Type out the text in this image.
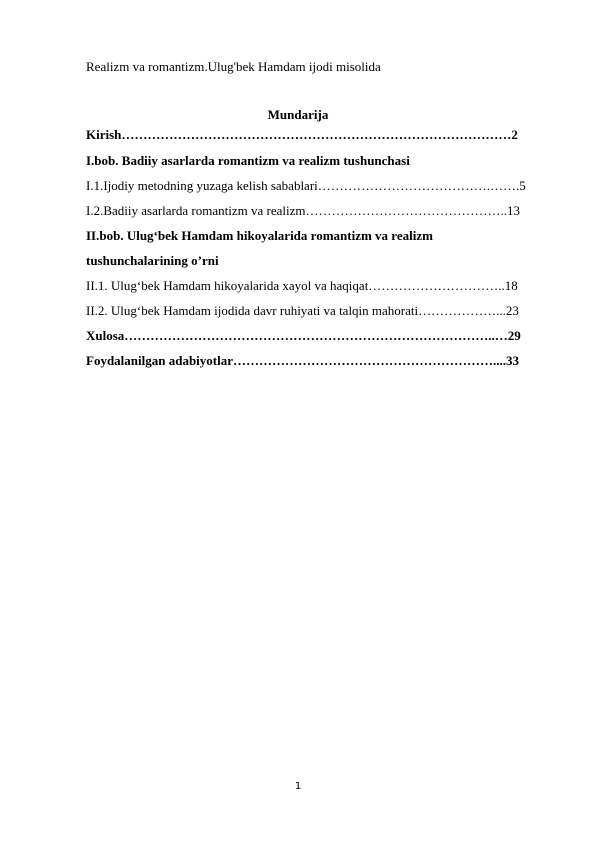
Realizm va romantizm.Ulug'bek Hamdam ijodi misolida
Mundarija
Kirish………………………………………………………………………………2
I.bob. Badiiy asarlarda romantizm va realizm tushunchasi
I.1.Ijodiy metodning yuzaga kelish sabablari………………………………….…….5
I.2.Badiiy asarlarda romantizm va realizm………………………………………..13
II.bob. Ulug‘bek Hamdam hikoyalarida romantizm va realizm
tushunchalarining o’rni
II.1. Ulug‘bek Hamdam hikoyalarida xayol va haqiqat…………………………..18
II.2. Ulug‘bek Hamdam ijodida davr ruhiyati va talqin mahorati………………...23
Xulosa…………………………………………………………………………..…29
Foydalanilgan adabiyotlar……………………………………………………....33
1
